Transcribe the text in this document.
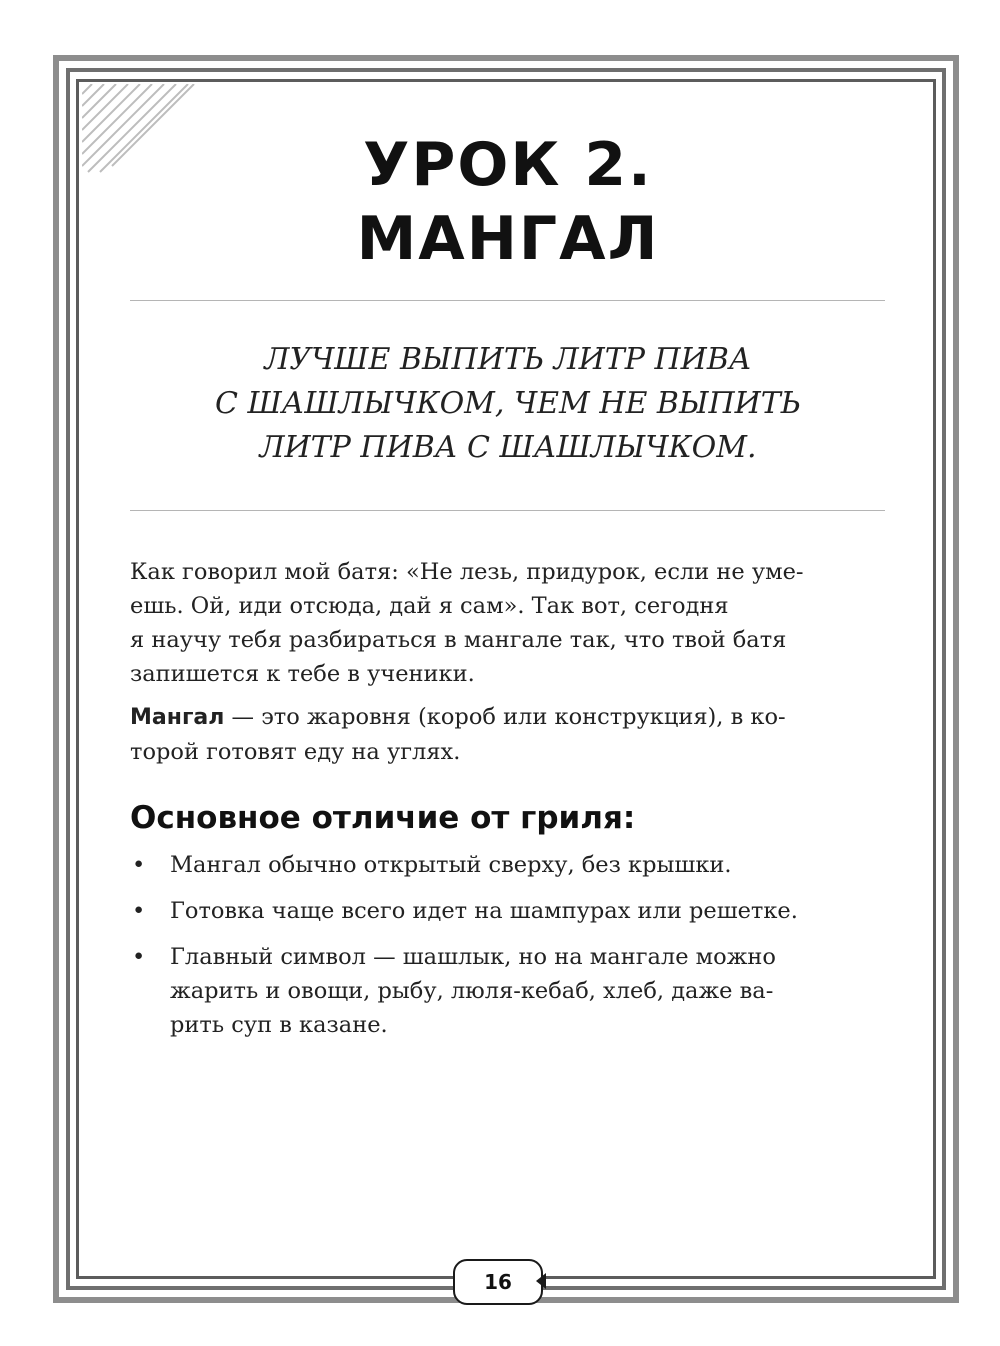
УРОК 2.
МАНГАЛ
ЛУЧШЕ ВЫПИТЬ ЛИТР ПИВА
С ШАШЛЫЧКОМ, ЧЕМ НЕ ВЫПИТЬ
ЛИТР ПИВА С ШАШЛЫЧКОМ.
Как говорил мой батя: «Не лезь, придурок, если не уме-
ешь. Ой, иди отсюда, дай я сам». Так вот, сегодня
я научу тебя разбираться в мангале так, что твой батя
запишется к тебе в ученики.
Мангал — это жаровня (короб или конструкция), в ко-
торой готовят еду на углях.
Основное отличие от гриля:
• Мангал обычно открытый сверху, без крышки.
• Готовка чаще всего идет на шампурах или решетке.
• Главный символ — шашлык, но на мангале можно
жарить и овощи, рыбу, люля-кебаб, хлеб, даже ва-
рить суп в казане.
16
